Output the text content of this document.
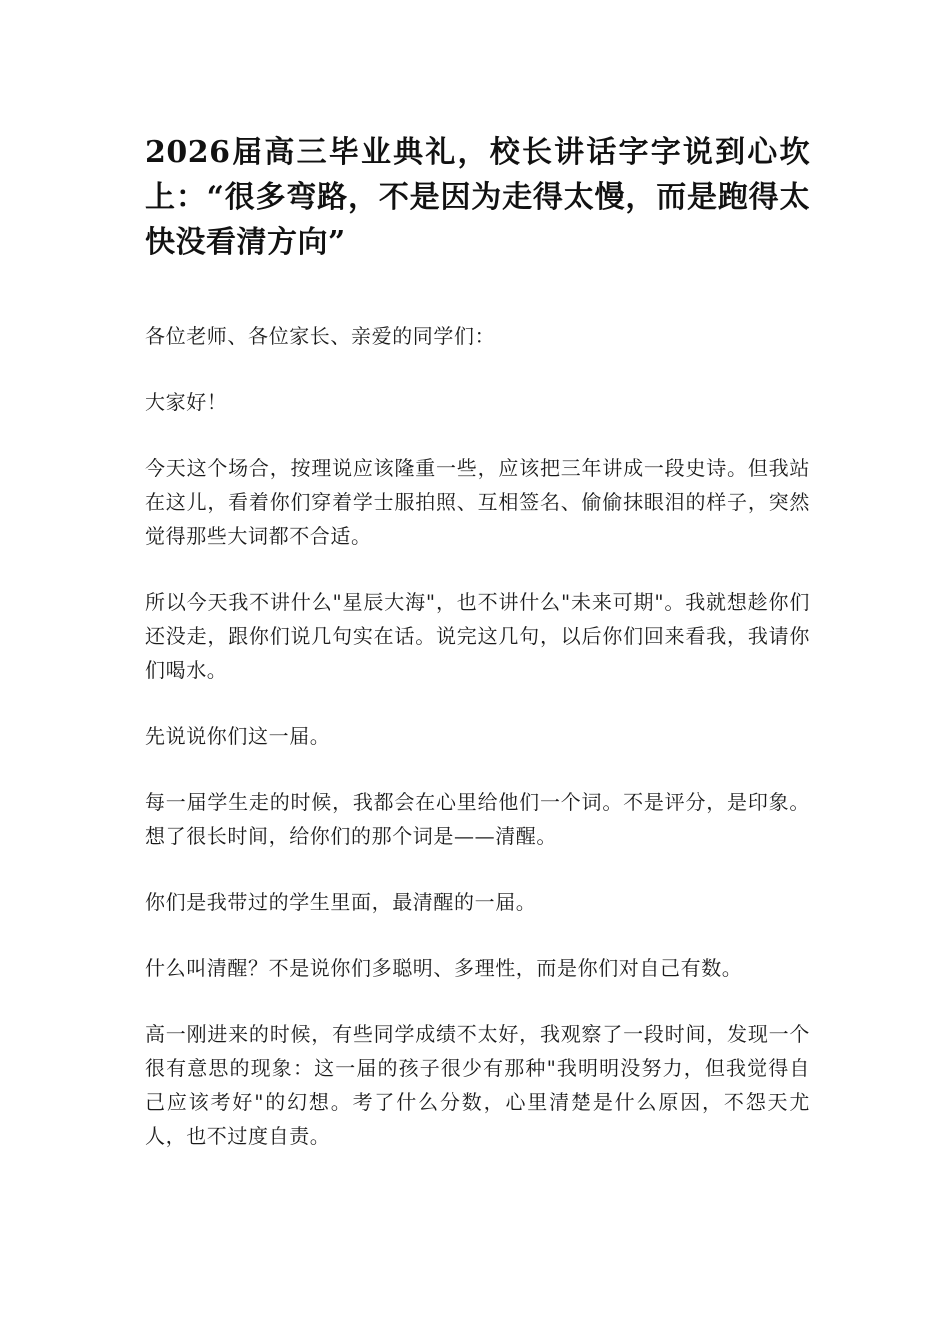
2026届高三毕业典礼，校长讲话字字说到心坎上：“很多弯路，不是因为走得太慢，而是跑得太快没看清方向”

各位老师、各位家长、亲爱的同学们：

大家好！

今天这个场合，按理说应该隆重一些，应该把三年讲成一段史诗。但我站在这儿，看着你们穿着学士服拍照、互相签名、偷偷抹眼泪的样子，突然觉得那些大词都不合适。

所以今天我不讲什么"星辰大海"，也不讲什么"未来可期"。我就想趁你们还没走，跟你们说几句实在话。说完这几句，以后你们回来看我，我请你们喝水。

先说说你们这一届。

每一届学生走的时候，我都会在心里给他们一个词。不是评分，是印象。想了很长时间，给你们的那个词是——清醒。

你们是我带过的学生里面，最清醒的一届。

什么叫清醒？不是说你们多聪明、多理性，而是你们对自己有数。

高一刚进来的时候，有些同学成绩不太好，我观察了一段时间，发现一个很有意思的现象：这一届的孩子很少有那种"我明明没努力，但我觉得自己应该考好"的幻想。考了什么分数，心里清楚是什么原因，不怨天尤人，也不过度自责。
